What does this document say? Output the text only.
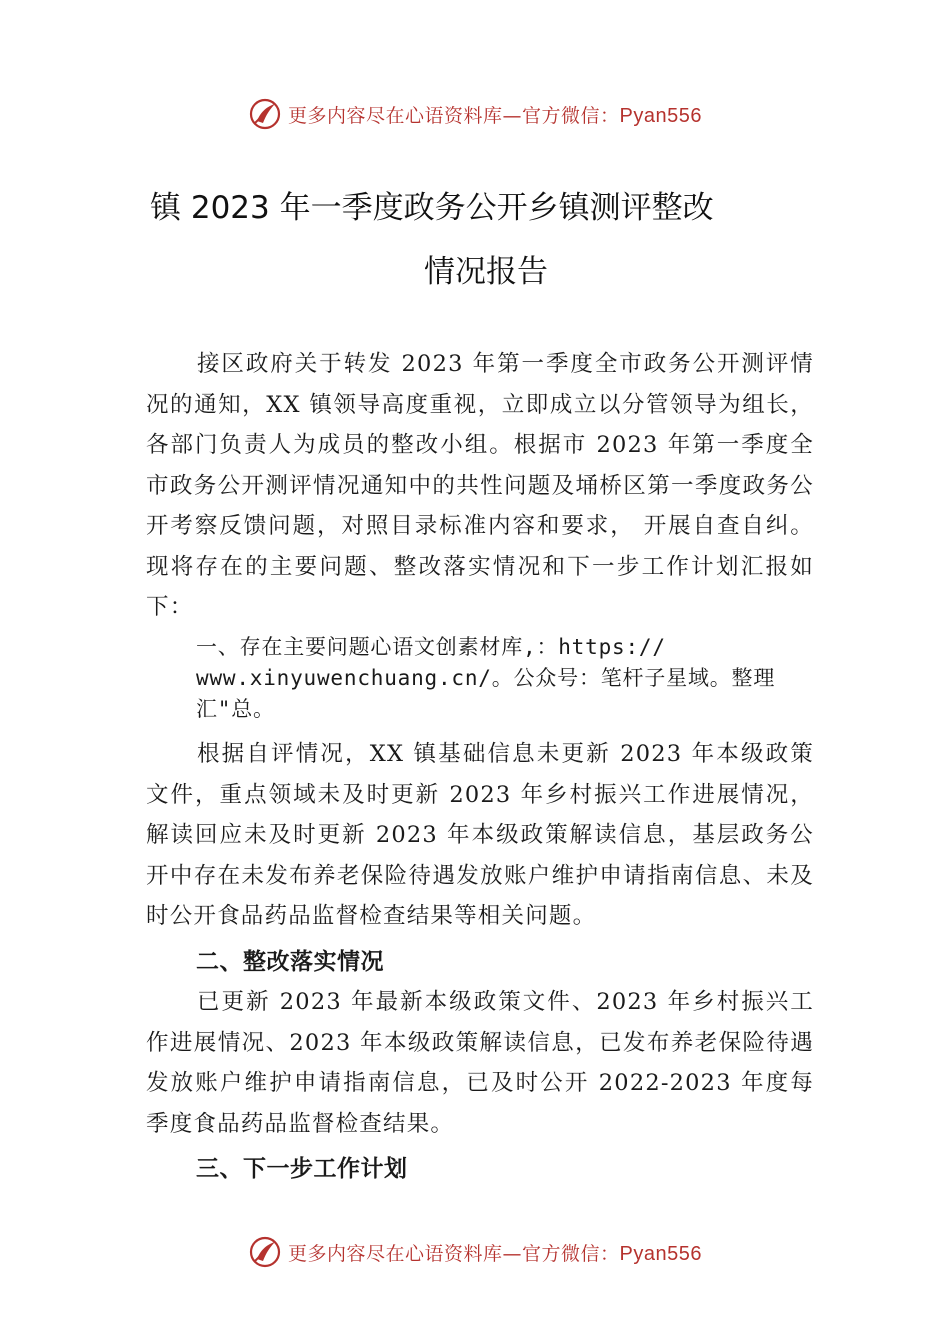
更多内容尽在心语资料库—官方微信：Pyan556
镇 2023 年一季度政务公开乡镇测评整改
情况报告
接区政府关于转发 2023 年第一季度全市政务公开测评情况的通知，XX 镇领导高度重视，立即成立以分管领导为组长，各部门负责人为成员的整改小组。根据市 2023 年第一季度全市政务公开测评情况通知中的共性问题及埇桥区第一季度政务公开考察反馈问题，对照目录标准内容和要求， 开展自查自纠。现将存在的主要问题、整改落实情况和下一步工作计划汇报如下：
一、存在主要问题心语文创素材库,：https://
www.xinyuwenchuang.cn/。公众号：笔杆子星域。整理
汇"总。
根据自评情况，XX 镇基础信息未更新 2023 年本级政策文件，重点领域未及时更新 2023 年乡村振兴工作进展情况，解读回应未及时更新 2023 年本级政策解读信息，基层政务公开中存在未发布养老保险待遇发放账户维护申请指南信息、未及时公开食品药品监督检查结果等相关问题。
二、整改落实情况
已更新 2023 年最新本级政策文件、2023 年乡村振兴工作进展情况、2023 年本级政策解读信息，已发布养老保险待遇发放账户维护申请指南信息，已及时公开 2022-2023 年度每季度食品药品监督检查结果。
三、下一步工作计划
更多内容尽在心语资料库—官方微信：Pyan556
